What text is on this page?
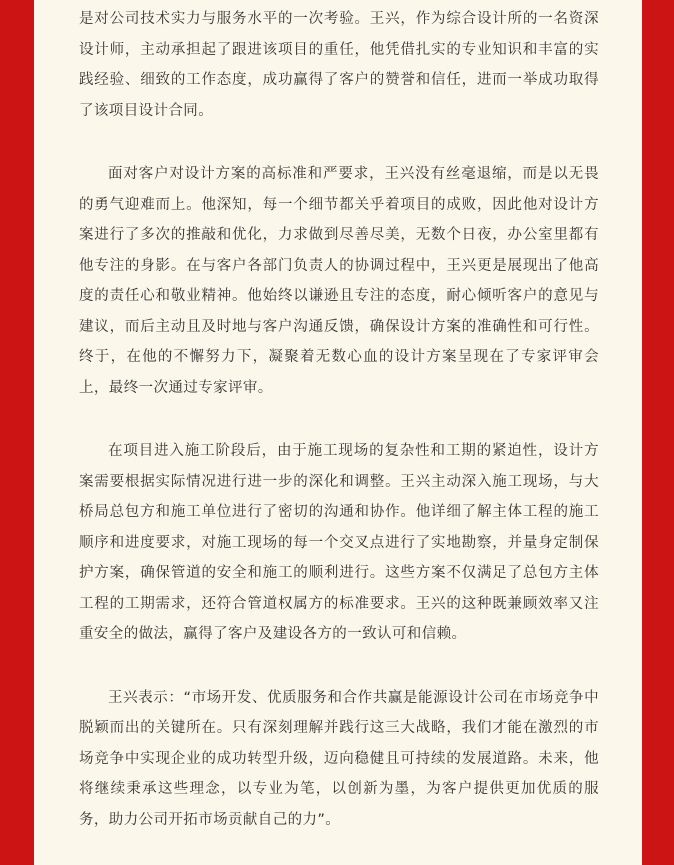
是对公司技术实力与服务水平的一次考验。王兴，作为综合设计所的一名资深设计师，主动承担起了跟进该项目的重任，他凭借扎实的专业知识和丰富的实践经验、细致的工作态度，成功赢得了客户的赞誉和信任，进而一举成功取得了该项目设计合同。

面对客户对设计方案的高标准和严要求，王兴没有丝毫退缩，而是以无畏的勇气迎难而上。他深知，每一个细节都关乎着项目的成败，因此他对设计方案进行了多次的推敲和优化，力求做到尽善尽美，无数个日夜，办公室里都有他专注的身影。在与客户各部门负责人的协调过程中，王兴更是展现出了他高度的责任心和敬业精神。他始终以谦逊且专注的态度，耐心倾听客户的意见与建议，而后主动且及时地与客户沟通反馈，确保设计方案的准确性和可行性。终于，在他的不懈努力下，凝聚着无数心血的设计方案呈现在了专家评审会上，最终一次通过专家评审。

在项目进入施工阶段后，由于施工现场的复杂性和工期的紧迫性，设计方案需要根据实际情况进行进一步的深化和调整。王兴主动深入施工现场，与大桥局总包方和施工单位进行了密切的沟通和协作。他详细了解主体工程的施工顺序和进度要求，对施工现场的每一个交叉点进行了实地勘察，并量身定制保护方案，确保管道的安全和施工的顺利进行。这些方案不仅满足了总包方主体工程的工期需求，还符合管道权属方的标准要求。王兴的这种既兼顾效率又注重安全的做法，赢得了客户及建设各方的一致认可和信赖。

王兴表示：“市场开发、优质服务和合作共赢是能源设计公司在市场竞争中脱颖而出的关键所在。只有深刻理解并践行这三大战略，我们才能在激烈的市场竞争中实现企业的成功转型升级，迈向稳健且可持续的发展道路。未来，他将继续秉承这些理念，以专业为笔，以创新为墨，为客户提供更加优质的服务，助力公司开拓市场贡献自己的力”。
